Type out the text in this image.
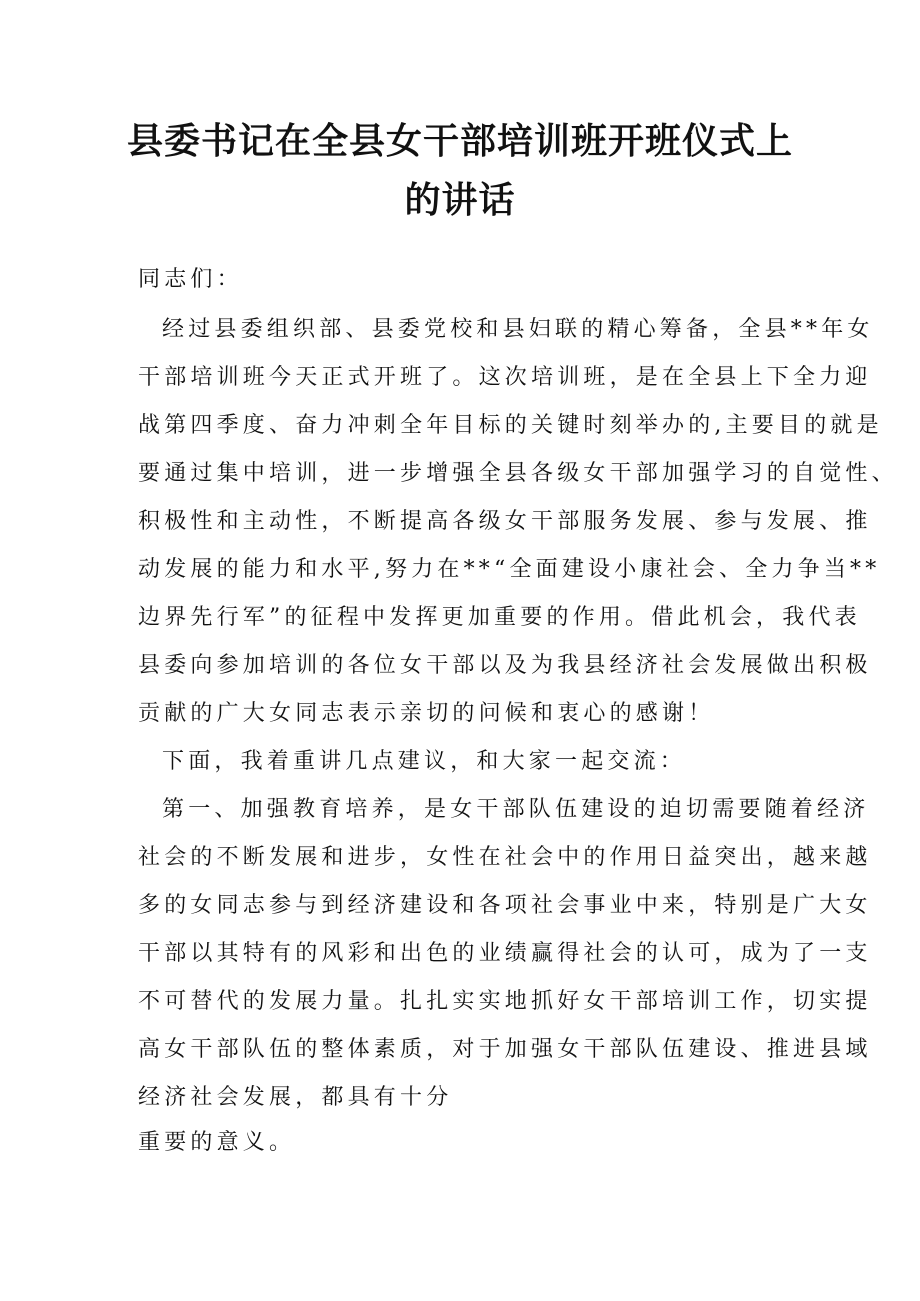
县委书记在全县女干部培训班开班仪式上
的讲话
同志们：
经过县委组织部、县委党校和县妇联的精心筹备，全县**年女
干部培训班今天正式开班了。这次培训班，是在全县上下全力迎
战第四季度、奋力冲刺全年目标的关键时刻举办的,主要目的就是
要通过集中培训，进一步增强全县各级女干部加强学习的自觉性、
积极性和主动性，不断提高各级女干部服务发展、参与发展、推
动发展的能力和水平,努力在**“全面建设小康社会、全力争当**
边界先行军”的征程中发挥更加重要的作用。借此机会，我代表
县委向参加培训的各位女干部以及为我县经济社会发展做出积极
贡献的广大女同志表示亲切的问候和衷心的感谢！
下面，我着重讲几点建议，和大家一起交流：
第一、加强教育培养，是女干部队伍建设的迫切需要随着经济
社会的不断发展和进步，女性在社会中的作用日益突出，越来越
多的女同志参与到经济建设和各项社会事业中来，特别是广大女
干部以其特有的风彩和出色的业绩赢得社会的认可，成为了一支
不可替代的发展力量。扎扎实实地抓好女干部培训工作，切实提
高女干部队伍的整体素质，对于加强女干部队伍建设、推进县域
经济社会发展，都具有十分
重要的意义。
